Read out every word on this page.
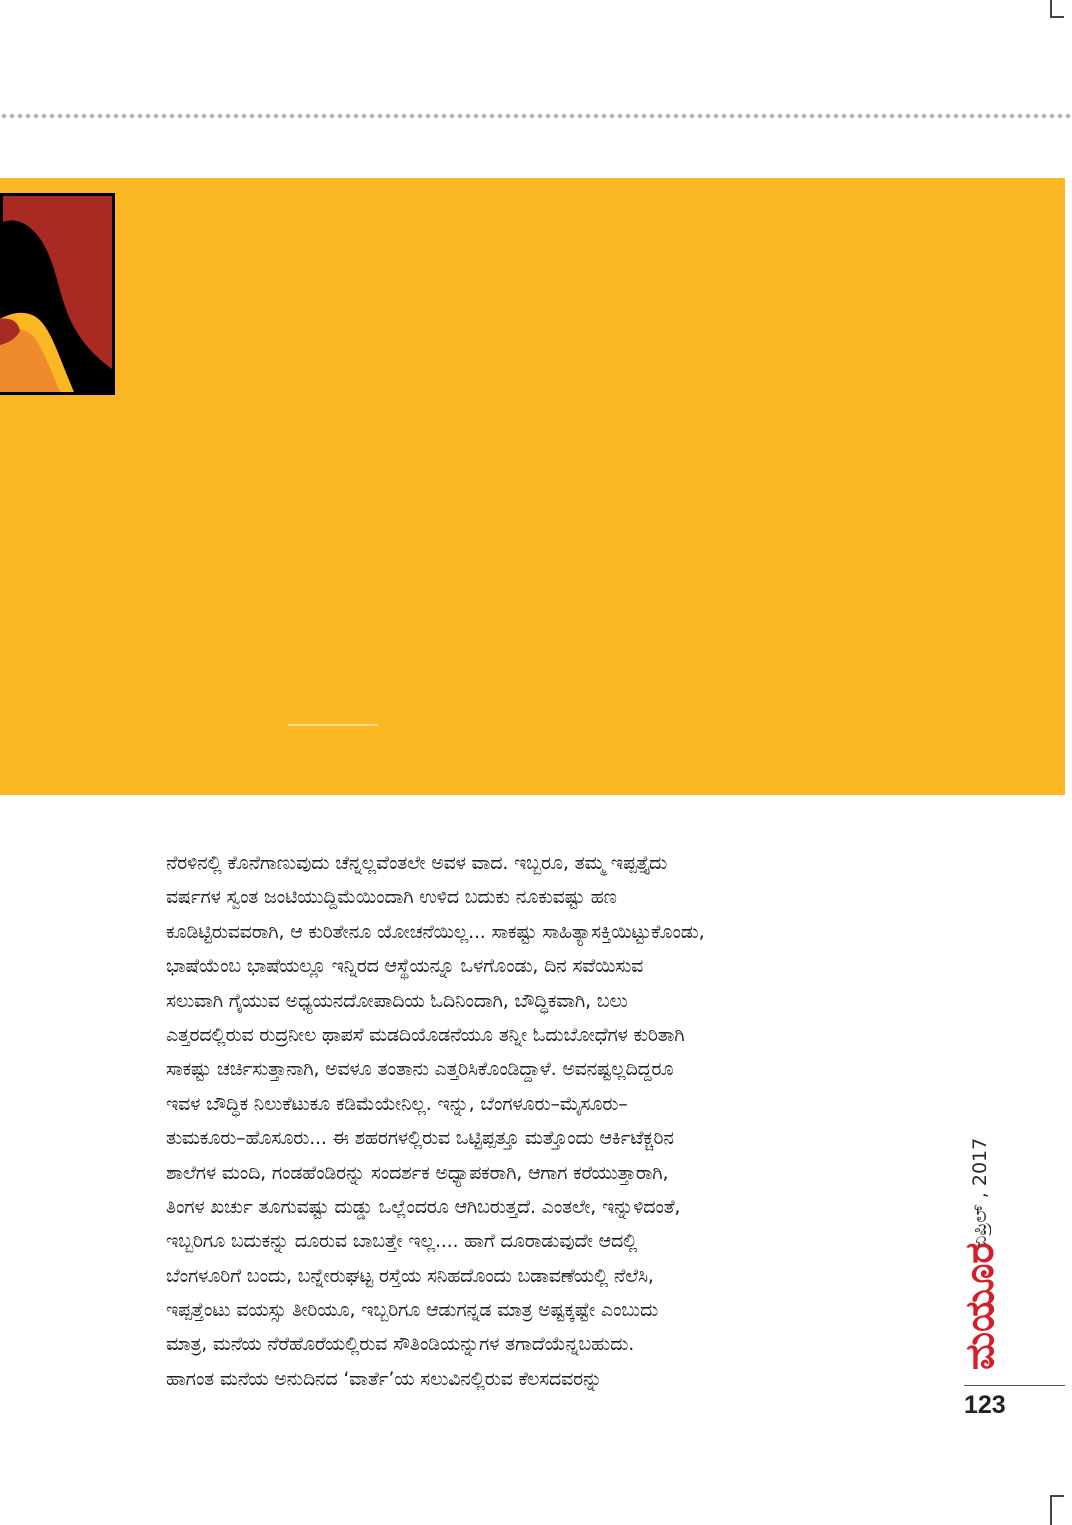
ನೆರಳಿನಲ್ಲಿ ಕೊನೆಗಾಣುವುದು ಚೆನ್ನಲ್ಲವೆಂತಲೇ ಅವಳ ವಾದ. ಇಬ್ಬರೂ, ತಮ್ಮ ಇಪ್ಪತ್ತೈದು
ವರ್ಷಗಳ ಸ್ವಂತ ಜಂಟಿಯುದ್ದಿಮೆಯಿಂದಾಗಿ ಉಳಿದ ಬದುಕು ನೂಕುವಷ್ಟು ಹಣ
ಕೂಡಿಟ್ಟಿರುವವರಾಗಿ, ಆ ಕುರಿತೇನೂ ಯೋಚನೆಯಿಲ್ಲ... ಸಾಕಷ್ಟು ಸಾಹಿತ್ಯಾಸಕ್ತಿಯಿಟ್ಟುಕೊಂಡು,
ಭಾಷೆಯೆಂಬ ಭಾಷೆಯಲ್ಲೂ ಇನ್ನಿರದ ಆಸ್ಥೆಯನ್ನೂ ಒಳಗೊಂಡು, ದಿನ ಸವೆಯಿಸುವ
ಸಲುವಾಗಿ ಗೈಯುವ ಅಧ್ಯಯನದೋಪಾದಿಯ ಓದಿನಿಂದಾಗಿ, ಬೌದ್ಧಿಕವಾಗಿ, ಬಲು
ಎತ್ತರದಲ್ಲಿರುವ ರುದ್ರನೀಲ ಥಾಪಸೆ ಮಡದಿಯೊಡನೆಯೂ ತನ್ನೀ ಓದುಬೋಧೆಗಳ ಕುರಿತಾಗಿ
ಸಾಕಷ್ಟು ಚರ್ಚಿಸುತ್ತಾನಾಗಿ, ಅವಳೂ ತಂತಾನು ಎತ್ತರಿಸಿಕೊಂಡಿದ್ದಾಳೆ. ಅವನಷ್ಟಲ್ಲದಿದ್ದರೂ
ಇವಳ ಬೌದ್ಧಿಕ ನಿಲುಕೆಟುಕೂ ಕಡಿಮೆಯೇನಿಲ್ಲ. ಇನ್ನು, ಬೆಂಗಳೂರು–ಮೈಸೂರು–
ತುಮಕೂರು–ಹೊಸೂರು... ಈ ಶಹರಗಳಲ್ಲಿರುವ ಒಟ್ಟಿಪ್ಪತ್ತೂ ಮತ್ತೊಂದು ಆರ್ಕಿಟೆಕ್ಚರಿನ
ಶಾಲೆಗಳ ಮಂದಿ, ಗಂಡಹೆಂಡಿರನ್ನು ಸಂದರ್ಶಕ ಅಧ್ಯಾಪಕರಾಗಿ, ಆಗಾಗ ಕರೆಯುತ್ತಾರಾಗಿ,
ತಿಂಗಳ ಖರ್ಚು ತೂಗುವಷ್ಟು ದುಡ್ಡು ಒಲ್ಲೆಂದರೂ ಆಗಿಬರುತ್ತದೆ. ಎಂತಲೇ, ಇನ್ನುಳಿದಂತೆ,
ಇಬ್ಬರಿಗೂ ಬದುಕನ್ನು ದೂರುವ ಬಾಬತ್ತೇ ಇಲ್ಲ.... ಹಾಗೆ ದೂರಾಡುವುದೇ ಆದಲ್ಲಿ
ಬೆಂಗಳೂರಿಗೆ ಬಂದು, ಬನ್ನೇರುಘಟ್ಟ ರಸ್ತೆಯ ಸನಿಹದೊಂದು ಬಡಾವಣೆಯಲ್ಲಿ ನೆಲೆಸಿ,
ಇಪ್ಪತ್ತೆಂಟು ವಯಸ್ಸು ತೀರಿಯೂ, ಇಬ್ಬರಿಗೂ ಆಡುಗನ್ನಡ ಮಾತ್ರ ಅಷ್ಟಕ್ಕಷ್ಟೇ ಎಂಬುದು
ಮಾತ್ರ, ಮನೆಯ ನೆರೆಹೊರೆಯಲ್ಲಿರುವ ಸೌತಿಂಡಿಯನ್ನುಗಳ ತಗಾದೆಯೆನ್ನಬಹುದು.
ಹಾಗಂತ ಮನೆಯ ಅನುದಿನದ ‘ವಾರ್ತೆ’ಯ ಸಲುವಿನಲ್ಲಿರುವ ಕೆಲಸದವರನ್ನು
ಏಪ್ರಿಲ್ , 2017
ಮಯೂರ
123
